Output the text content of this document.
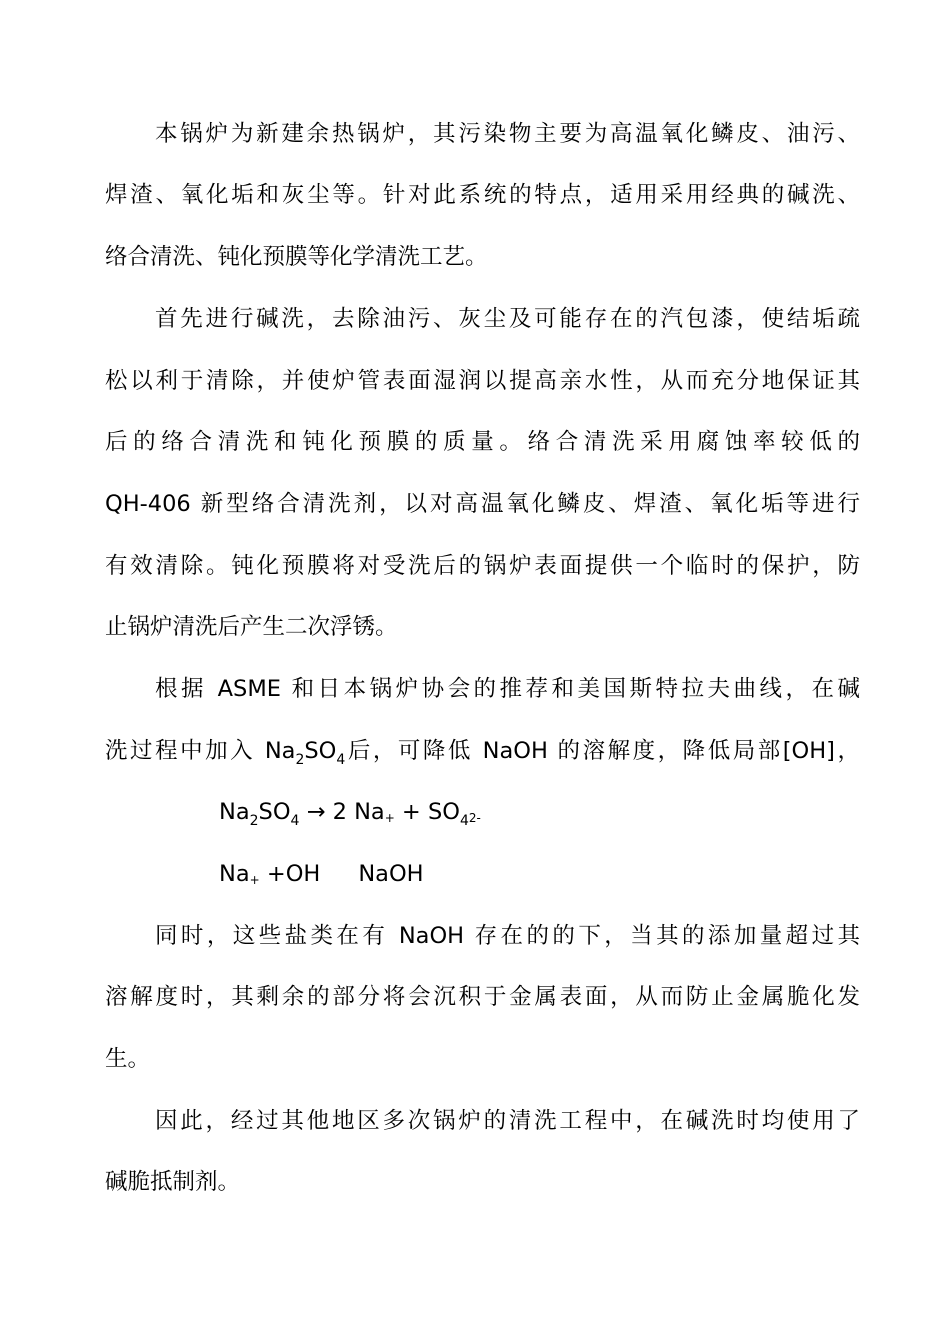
本锅炉为新建余热锅炉，其污染物主要为高温氧化鳞皮、油污、
焊渣、氧化垢和灰尘等。针对此系统的特点，适用采用经典的碱洗、
络合清洗、钝化预膜等化学清洗工艺。
首先进行碱洗，去除油污、灰尘及可能存在的汽包漆，使结垢疏
松以利于清除，并使炉管表面湿润以提高亲水性，从而充分地保证其
后的络合清洗和钝化预膜的质量。络合清洗采用腐蚀率较低的
QH-406 新型络合清洗剂，以对高温氧化鳞皮、焊渣、氧化垢等进行
有效清除。钝化预膜将对受洗后的锅炉表面提供一个临时的保护，防
止锅炉清洗后产生二次浮锈。
根据 ASME 和日本锅炉协会的推荐和美国斯特拉夫曲线，在碱
洗过程中加入 $Na_2SO_4$后，可降低 NaOH 的溶解度，降低局部[OH]，
$Na_2SO_4 \to 2$ $Na^+ + SO_4^{2-}$
Na+ +OH NaOH
同时，这些盐类在有 NaOH 存在的的下，当其的添加量超过其
溶解度时，其剩余的部分将会沉积于金属表面，从而防止金属脆化发
生。
因此，经过其他地区多次锅炉的清洗工程中，在碱洗时均使用了
碱脆抵制剂。
